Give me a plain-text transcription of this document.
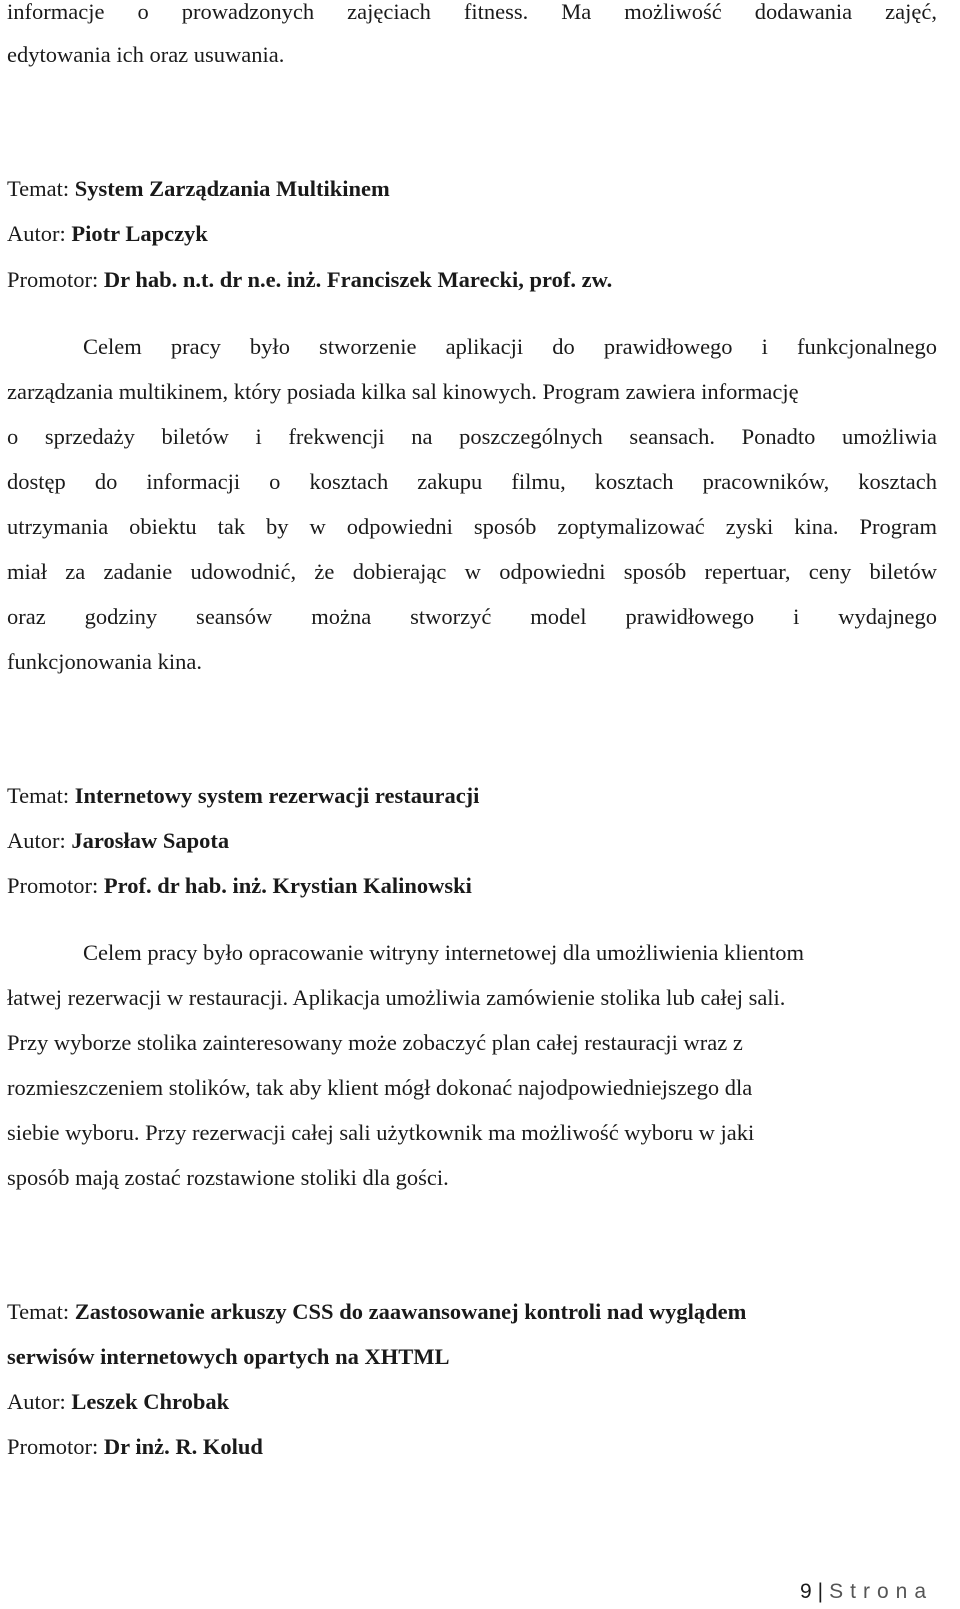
informacje o prowadzonych zajęciach fitness. Ma możliwość dodawania zajęć,
edytowania ich oraz usuwania.
Temat: System Zarządzania Multikinem
Autor: Piotr Lapczyk
Promotor: Dr hab. n.t. dr n.e. inż. Franciszek Marecki, prof. zw.
Celem pracy było stworzenie aplikacji do prawidłowego i funkcjonalnego
zarządzania multikinem, który posiada kilka sal kinowych. Program zawiera informację
o sprzedaży biletów i frekwencji na poszczególnych seansach. Ponadto umożliwia
dostęp do informacji o kosztach zakupu filmu, kosztach pracowników, kosztach
utrzymania obiektu tak by w odpowiedni sposób zoptymalizować zyski kina. Program
miał za zadanie udowodnić, że dobierając w odpowiedni sposób repertuar, ceny biletów
oraz godziny seansów można stworzyć model prawidłowego i wydajnego
funkcjonowania kina.
Temat: Internetowy system rezerwacji restauracji
Autor: Jarosław Sapota
Promotor: Prof. dr hab. inż. Krystian Kalinowski
Celem pracy było opracowanie witryny internetowej dla umożliwienia klientom
łatwej rezerwacji w restauracji. Aplikacja umożliwia zamówienie stolika lub całej sali.
Przy wyborze stolika zainteresowany może zobaczyć plan całej restauracji wraz z
rozmieszczeniem stolików, tak aby klient mógł dokonać najodpowiedniejszego dla
siebie wyboru. Przy rezerwacji całej sali użytkownik ma możliwość wyboru w jaki
sposób mają zostać rozstawione stoliki dla gości.
Temat: Zastosowanie arkuszy CSS do zaawansowanej kontroli nad wyglądem
serwisów internetowych opartych na XHTML
Autor: Leszek Chrobak
Promotor: Dr inż. R. Kolud
9 | Strona
